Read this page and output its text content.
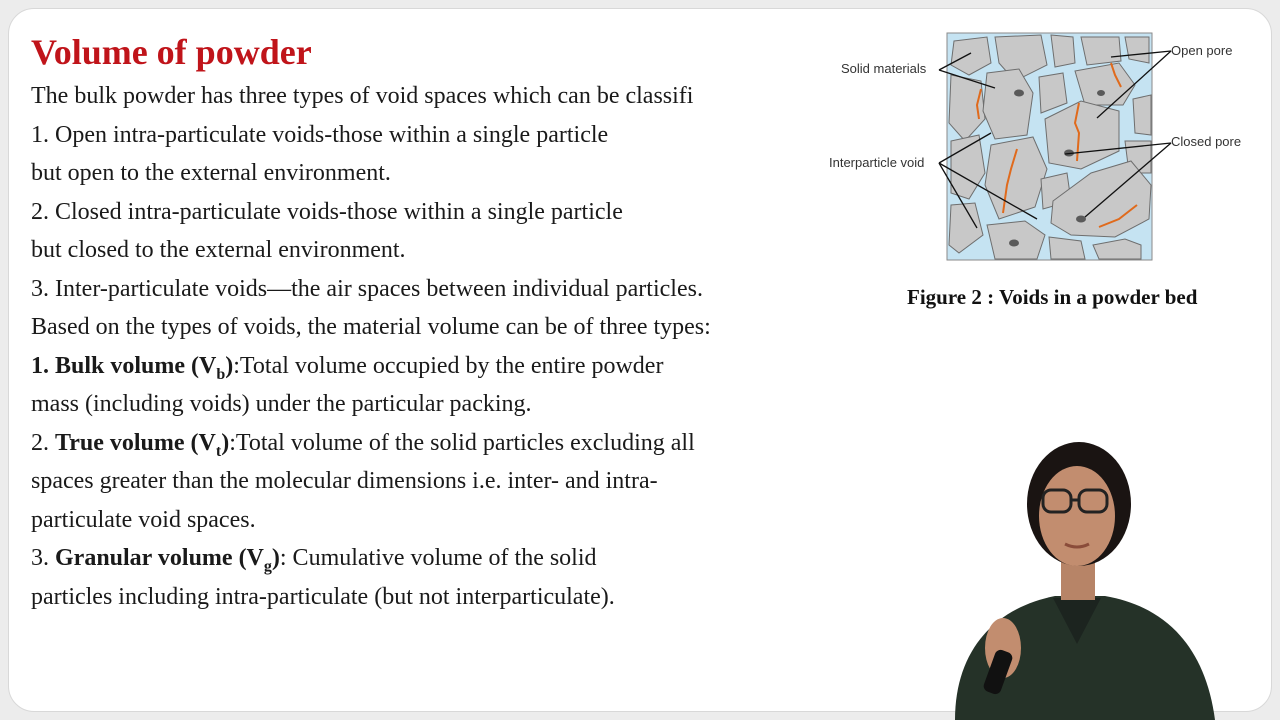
Volume of powder
The bulk powder has three types of void spaces which can be classifi
1. Open intra-particulate voids-those within a single particle
but open to the external environment.
2. Closed intra-particulate voids-those within a single particle
but closed to the external environment.
3. Inter-particulate voids—the air spaces between individual particles.
Based on the types of voids, the material volume can be of three types:
1. Bulk volume $(V_b):Total$ volume occupied by the entire powder
mass (including voids) under the particular packing.
2. True volume $(V_t):Total$ volume of the solid particles excluding all
spaces greater than the molecular dimensions i.e. inter- and intra-
particulate void spaces.
3. Granular volume $(V_g)$: Cumulative volume of the solid
particles including intra-particulate (but not interparticulate).
Solid materials
Open pore
Closed pore
Interparticle void
Figure 2 : Voids in a powder bed
